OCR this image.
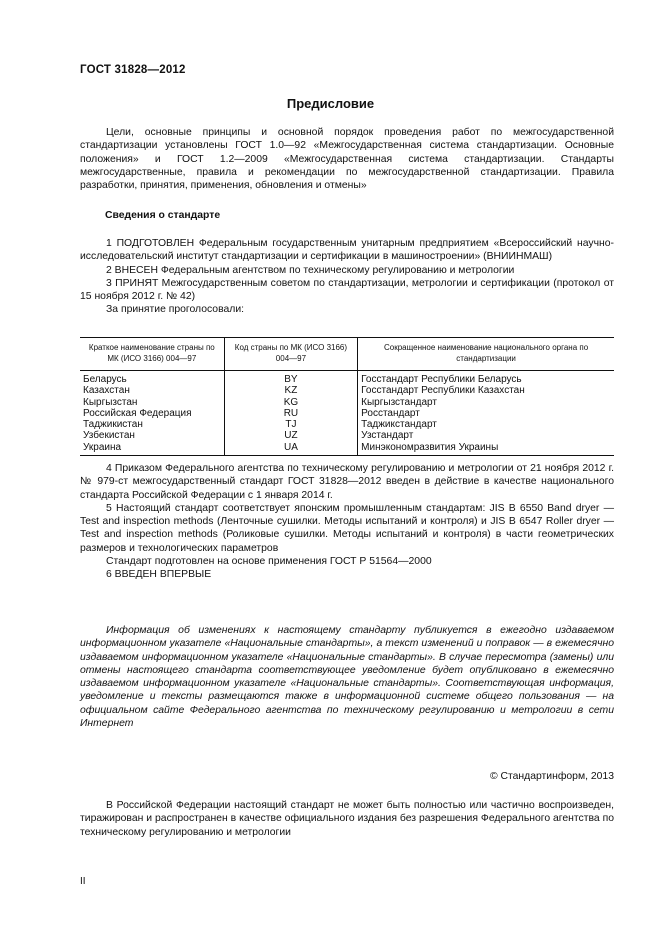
ГОСТ 31828—2012
Предисловие

Цели, основные принципы и основной порядок проведения работ по межгосударственной стандартизации установлены ГОСТ 1.0—92 «Межгосударственная система стандартизации. Основные положения» и ГОСТ 1.2—2009 «Межгосударственная система стандартизации. Стандарты межгосударственные, правила и рекомендации по межгосударственной стандартизации. Правила разработки, принятия, применения, обновления и отмены»

Сведения о стандарте

1 ПОДГОТОВЛЕН Федеральным государственным унитарным предприятием «Всероссийский научно-исследовательский институт стандартизации и сертификации в машиностроении» (ВНИИНМАШ)

2 ВНЕСЕН Федеральным агентством по техническому регулированию и метрологии

3 ПРИНЯТ Межгосударственным советом по стандартизации, метрологии и сертификации (протокол от 15 ноября 2012 г. № 42)

За принятие проголосовали:

Краткое наименование страны по МК (ИСО 3166) 004—97	Код страны по МК (ИСО 3166) 004—97	Сокращенное наименование национального органа по стандартизации
Беларусь	BY	Госстандарт Республики Беларусь
Казахстан	KZ	Госстандарт Республики Казахстан
Кыргызстан	KG	Кыргызстандарт
Российская Федерация	RU	Росстандарт
Таджикистан	TJ	Таджикстандарт
Узбекистан	UZ	Узстандарт
Украина	UA	Минэкономразвития Украины

4 Приказом Федерального агентства по техническому регулированию и метрологии от 21 ноября 2012 г. № 979-ст межгосударственный стандарт ГОСТ 31828—2012 введен в действие в качестве национального стандарта Российской Федерации с 1 января 2014 г.

5 Настоящий стандарт соответствует японским промышленным стандартам: JIS B 6550 Band dryer — Test and inspection methods (Ленточные сушилки. Методы испытаний и контроля) и JIS B 6547 Roller dryer — Test and inspection methods (Роликовые сушилки. Методы испытаний и контроля) в части геометрических размеров и технологических параметров

Стандарт подготовлен на основе применения ГОСТ Р 51564—2000

6 ВВЕДЕН ВПЕРВЫЕ

Информация об изменениях к настоящему стандарту публикуется в ежегодно издаваемом информационном указателе «Национальные стандарты», а текст изменений и поправок — в ежемесячно издаваемом информационном указателе «Национальные стандарты». В случае пересмотра (замены) или отмены настоящего стандарта соответствующее уведомление будет опубликовано в ежемесячно издаваемом информационном указателе «Национальные стандарты». Соответствующая информация, уведомление и тексты размещаются также в информационной системе общего пользования — на официальном сайте Федерального агентства по техническому регулированию и метрологии в сети Интернет

© Стандартинформ, 2013

В Российской Федерации настоящий стандарт не может быть полностью или частично воспроизведен, тиражирован и распространен в качестве официального издания без разрешения Федерального агентства по техническому регулированию и метрологии

II
